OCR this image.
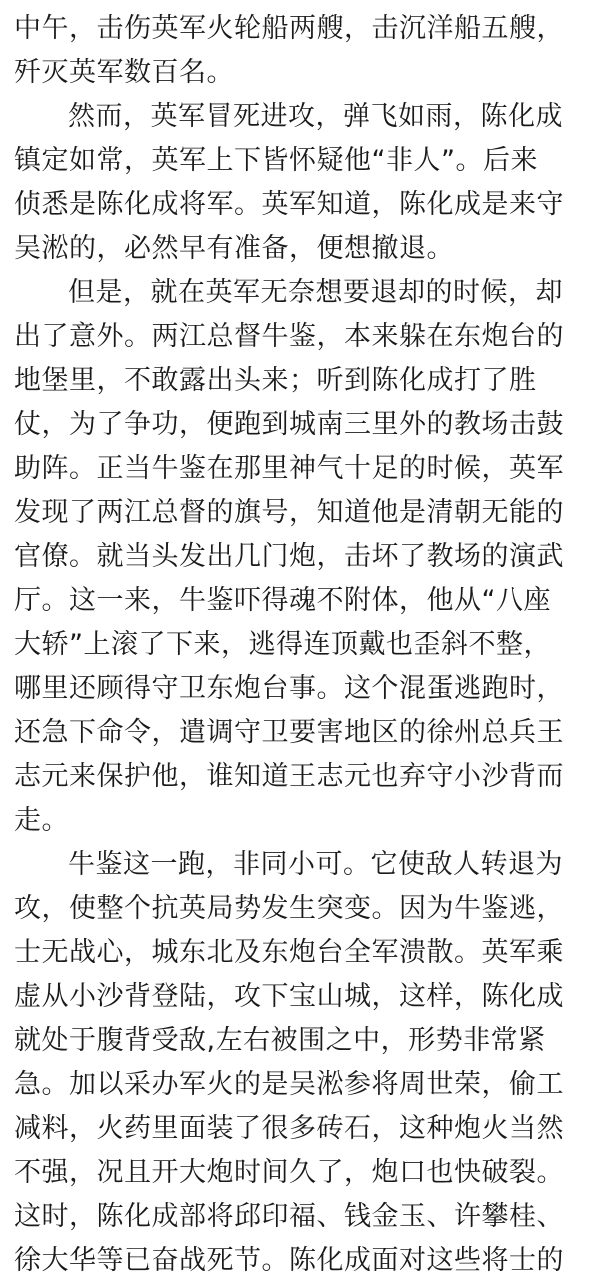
中午，击伤英军火轮船两艘，击沉洋船五艘，
歼灭英军数百名。
然而，英军冒死进攻，弹飞如雨，陈化成
镇定如常，英军上下皆怀疑他“非人”。后来
侦悉是陈化成将军。英军知道，陈化成是来守
吴淞的，必然早有准备，便想撤退。
但是，就在英军无奈想要退却的时候，却
出了意外。两江总督牛鉴，本来躲在东炮台的
地堡里，不敢露出头来；听到陈化成打了胜
仗，为了争功，便跑到城南三里外的教场击鼓
助阵。正当牛鉴在那里神气十足的时候，英军
发现了两江总督的旗号，知道他是清朝无能的
官僚。就当头发出几门炮，击坏了教场的演武
厅。这一来，牛鉴吓得魂不附体，他从“八座
大轿”上滚了下来，逃得连顶戴也歪斜不整，
哪里还顾得守卫东炮台事。这个混蛋逃跑时，
还急下命令，遣调守卫要害地区的徐州总兵王
志元来保护他，谁知道王志元也弃守小沙背而
走。
牛鉴这一跑，非同小可。它使敌人转退为
攻，使整个抗英局势发生突变。因为牛鉴逃，
士无战心，城东北及东炮台全军溃散。英军乘
虚从小沙背登陆，攻下宝山城，这样，陈化成
就处于腹背受敌,左右被围之中，形势非常紧
急。加以采办军火的是吴淞参将周世荣，偷工
减料，火药里面装了很多砖石，这种炮火当然
不强，况且开大炮时间久了，炮口也快破裂。
这时，陈化成部将邱印福、钱金玉、许攀桂、
徐大华等已奋战死节。陈化成面对这些将士的
